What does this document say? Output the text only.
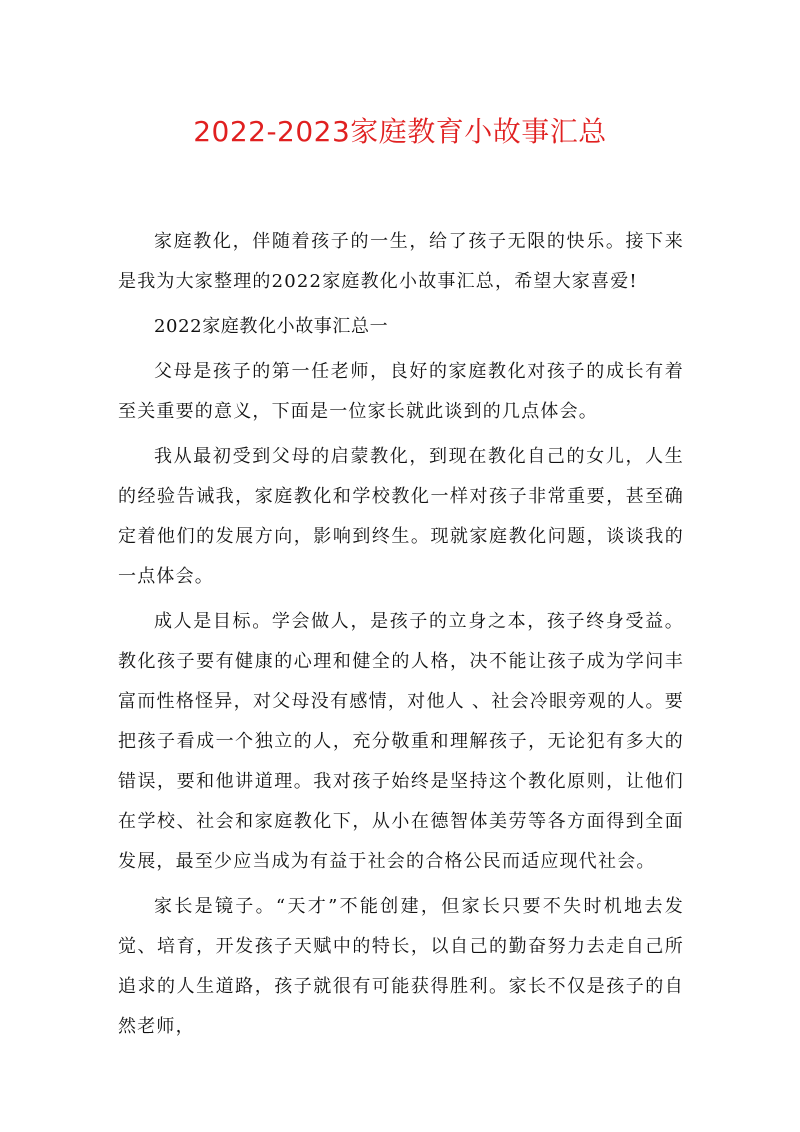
2022-2023家庭教育小故事汇总

家庭教化，伴随着孩子的一生，给了孩子无限的快乐。接下来是我为大家整理的2022家庭教化小故事汇总，希望大家喜爱!

2022家庭教化小故事汇总一

父母是孩子的第一任老师，良好的家庭教化对孩子的成长有着至关重要的意义，下面是一位家长就此谈到的几点体会。

我从最初受到父母的启蒙教化，到现在教化自己的女儿，人生的经验告诫我，家庭教化和学校教化一样对孩子非常重要，甚至确定着他们的发展方向，影响到终生。现就家庭教化问题，谈谈我的一点体会。

成人是目标。学会做人，是孩子的立身之本，孩子终身受益。教化孩子要有健康的心理和健全的人格，决不能让孩子成为学问丰富而性格怪异，对父母没有感情，对他人 、社会冷眼旁观的人。要把孩子看成一个独立的人，充分敬重和理解孩子，无论犯有多大的错误，要和他讲道理。我对孩子始终是坚持这个教化原则，让他们在学校、社会和家庭教化下，从小在德智体美劳等各方面得到全面发展，最至少应当成为有益于社会的合格公民而适应现代社会。

家长是镜子。“天才”不能创建，但家长只要不失时机地去发觉、培育，开发孩子天赋中的特长，以自己的勤奋努力去走自己所追求的人生道路，孩子就很有可能获得胜利。家长不仅是孩子的自然老师，
